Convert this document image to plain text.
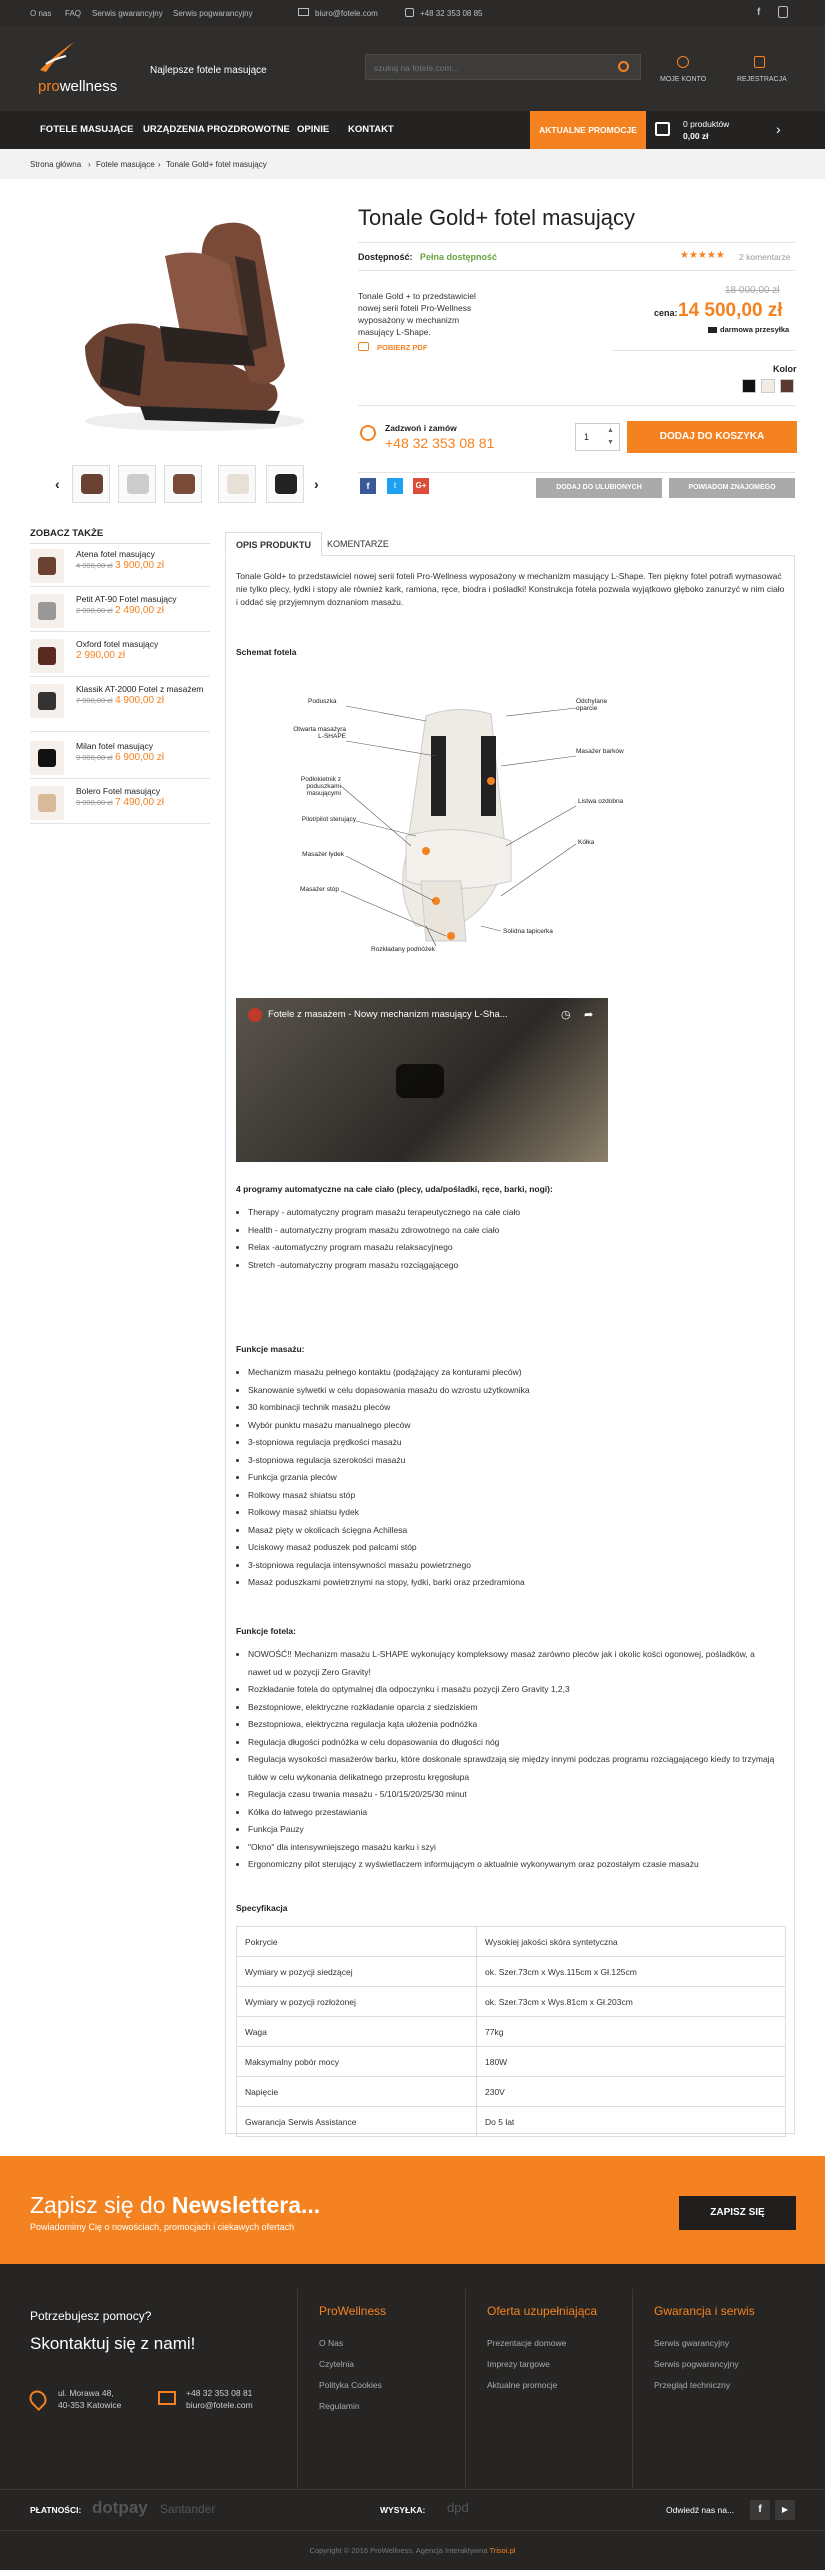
O nas FAQ Serwis gwarancyjny Serwis pogwarancyjny	biuro@fotele.com	+48 32 353 08 85	f
prowellness
Najlepsze fotele masujące
szukaj na fotele.com...
MOJE KONTO	REJESTRACJA
FOTELE MASUJĄCE URZĄDZENIA PROZDROWOTNE OPINIE KONTAKT	AKTUALNE PROMOCJE
0 produktów
0,00 zł	›
Strona główna › Fotele masujące › Tonale Gold+ fotel masujący
‹	›
Tonale Gold+ fotel masujący
Dostępność: Pełna dostępność	★★★★★ 2 komentarze
Tonale Gold + to przedstawiciel nowej serii foteli Pro-Wellness wyposażony w mechanizm masujący L-Shape.
POBIERZ PDF
18 000,00 zł
cena: 14 500,00 zł
darmowa przesyłka
Kolor
Zadzwoń i zamów
+48 32 353 08 81	1
▲
▼
DODAJ DO KOSZYKA
f	t	G+	DODAJ DO ULUBIONYCH	POWIADOM ZNAJOMEGO
ZOBACZ TAKŻE
Atena fotel masujący
4 900,00 zł 3 900,00 zł
Petit AT-90 Fotel masujący
2 900,00 zł 2 490,00 zł
Oxford fotel masujący
2 990,00 zł
Klassik AT-2000 Fotel z masażem
7 900,00 zł 4 900,00 zł
Milan fotel masujący
9 000,00 zł 6 900,00 zł
Bolero Fotel masujący
9 900,00 zł 7 490,00 zł
OPIS PRODUKTU	KOMENTARZE
Tonale Gold+ to przedstawiciel nowej serii foteli Pro-Wellness wyposażony w mechanizm masujący L-Shape. Ten piękny fotel potrafi wymasować nie tylko plecy, łydki i stopy ale również kark, ramiona, ręce, biodra i pośladki! Konstrukcja fotela pozwala wyjątkowo głęboko zanurzyć w nim ciało i oddać się przyjemnym doznaniom masażu.
Schemat fotela
Poduszka	Odchylane oparcie
Otwarta masażyra L-SHAPE
Masażer barków
Podłokietnik z poduszkami masującymi
Pilot/pilot sterujący
Listwa ozdobna
Masażer łydek
Kółka
Masażer stóp
Rozkładany podnóżek
Solidna tapicerka
Fotele z masażem - Nowy mechanizm masujący L-Sha...	◷ ➦
4 programy automatyczne na całe ciało (plecy, uda/pośladki, ręce, barki, nogi):
• Therapy - automatyczny program masażu terapeutycznego na całe ciało
• Health - automatyczny program masażu zdrowotnego na całe ciało
• Relax -automatyczny program masażu relaksacyjnego
• Stretch -automatyczny program masażu rozciągającego
Funkcje masażu:
• Mechanizm masażu pełnego kontaktu (podążający za konturami pleców)
• Skanowanie sylwetki w celu dopasowania masażu do wzrostu użytkownika
• 30 kombinacji technik masażu pleców
• Wybór punktu masażu manualnego pleców
• 3-stopniowa regulacja prędkości masażu
• 3-stopniowa regulacja szerokości masażu
• Funkcja grzania pleców
• Rolkowy masaż shiatsu stóp
• Rolkowy masaż shiatsu łydek
• Masaż pięty w okolicach ścięgna Achillesa
• Uciskowy masaż poduszek pod palcami stóp
• 3-stopniowa regulacja intensywności masażu powietrznego
• Masaż poduszkami powietrznymi na stopy, łydki, barki oraz przedramiona
Funkcje fotela:
• NOWOŚĆ!! Mechanizm masażu L-SHAPE wykonujący kompleksowy masaż zarówno pleców jak i okolic kości ogonowej, pośladków, a nawet ud w pozycji Zero Gravity!
• Rozkładanie fotela do optymalnej dla odpoczynku i masażu pozycji Zero Gravity 1,2,3
• Bezstopniowe, elektryczne rozkładanie oparcia z siedziskiem
• Bezstopniowa, elektryczna regulacja kąta ułożenia podnóżka
• Regulacja długości podnóżka w celu dopasowania do długości nóg
• Regulacja wysokości masażerów barku, które doskonale sprawdzają się między innymi podczas programu rozciągającego kiedy to trzymają tułów w celu wykonania delikatnego przeprostu kręgosłupa
• Regulacja czasu trwania masażu - 5/10/15/20/25/30 minut
• Kółka do łatwego przestawiania
• Funkcja Pauzy
• "Okno" dla intensywniejszego masażu karku i szyi
• Ergonomiczny pilot sterujący z wyświetlaczem informującym o aktualnie wykonywanym oraz pozostałym czasie masażu
Specyfikacja
Pokrycie	Wysokiej jakości skóra syntetyczna
Wymiary w pozycji siedzącej	ok. Szer.73cm x Wys.115cm x Gł.125cm
Wymiary w pozycji rozłożonej	ok. Szer.73cm x Wys.81cm x Gł.203cm
Waga	77kg
Maksymalny pobór mocy	180W
Napięcie	230V
Gwarancja Serwis Assistance	Do 5 lat
Zapisz się do Newslettera...
Powiadomimy Cię o nowościach, promocjach i ciekawych ofertach
ZAPISZ SIĘ
Potrzebujesz pomocy?
Skontaktuj się z nami!
ul. Morawa 48,
40-353 Katowice
+48 32 353 08 81
biuro@fotele.com
ProWellness
O Nas
Czytelnia
Polityka Cookies
Regulamin
Oferta uzupełniająca
Prezentacje domowe
Imprezy targowe
Aktualne promocje
Gwarancja i serwis
Serwis gwarancyjny
Serwis pogwarancyjny
Przegląd techniczny
PŁATNOŚCI: dotpay Santander	WYSYŁKA: dpd	Odwiedź nas na...	f	▶
Copyright © 2016 ProWellness. Agencja Interaktywna Trisoi.pl
